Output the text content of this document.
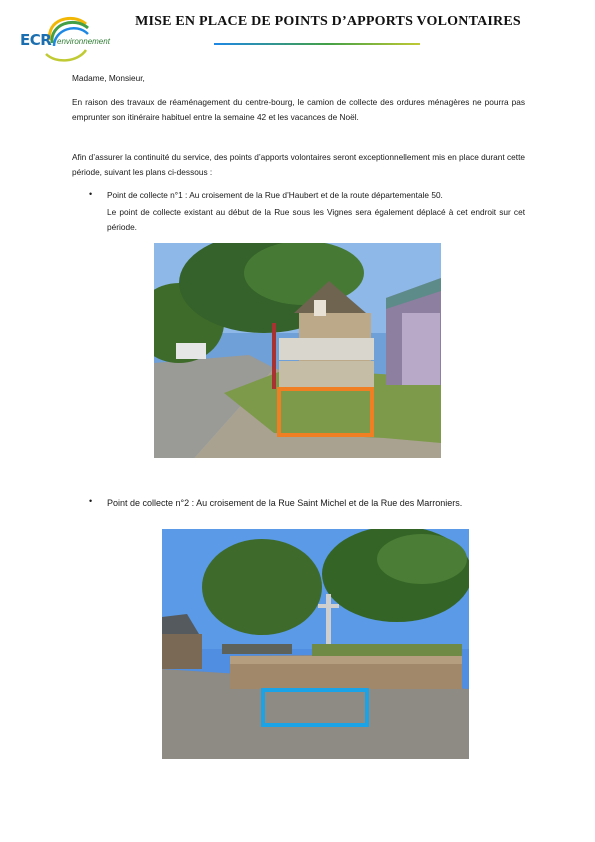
ECR environnement
MISE EN PLACE DE POINTS D’APPORTS VOLONTAIRES
Madame, Monsieur,
En raison des travaux de réaménagement du centre-bourg, le camion de collecte des ordures ménagères ne pourra pas emprunter son itinéraire habituel entre la semaine 42 et les vacances de Noël.
Afin d’assurer la continuité du service, des points d’apports volontaires seront exceptionnellement mis en place durant cette période, suivant les plans ci-dessous :
• Point de collecte n°1 : Au croisement de la Rue d’Haubert et de la route départementale 50.
Le point de collecte existant au début de la Rue sous les Vignes sera également déplacé à cet endroit sur cet période.
• Point de collecte n°2 : Au croisement de la Rue Saint Michel et de la Rue des Marroniers.
